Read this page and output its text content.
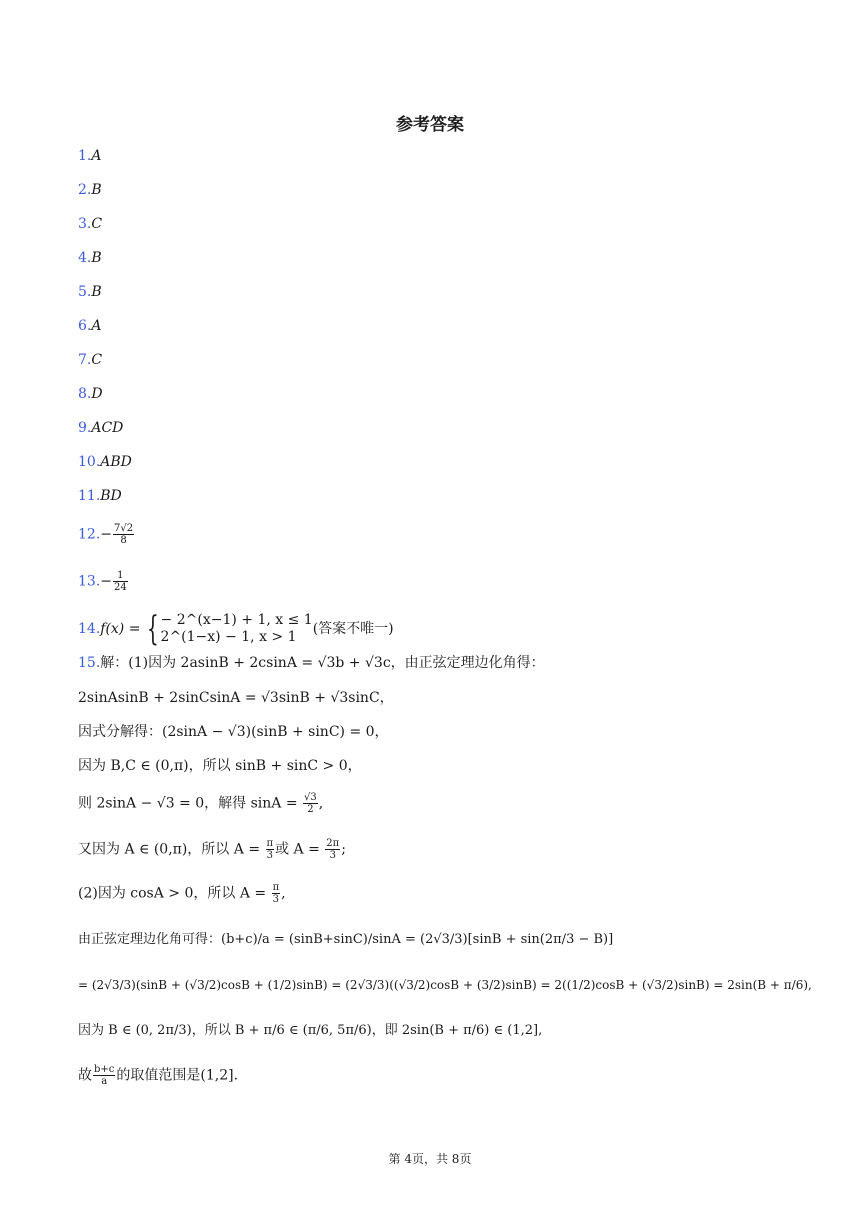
参考答案
1.A
2.B
3.C
4.B
5.B
6.A
7.C
8.D
9.ACD
10.ABD
11.BD
$12.- \frac{7√2}{8}$
$13.- \frac{1}{24}$
14.f(x) = { − 2^(x−1) + 1, x ≤ 1
2^(1−x) − 1, x > 1	(答案不唯一)
15.解：(1)因为 2asinB + 2csinA = √3b + √3c，由正弦定理边化角得：
2sinAsinB + 2sinCsinA = √3sinB + √3sinC，
因式分解得：(2sinA − √3)(sinB + sinC) = 0，
因为 B,C ∈ (0,π)，所以 sinB + sinC > 0，
则 2sinA − √3 = 0，解得 $\sin A = \frac{√3}{2}$ ,
又因为 A ∈ (0,π)，所以 $A = \frac{\pi}{3}$ 或 $A = \frac{2\pi}{3}$ ;
(2)因为 cosA > 0，所以 $A = \frac{\pi}{3}$ ,
由正弦定理边化角可得：(b+c)/a = (sinB+sinC)/sinA = (2√3/3)[sinB + sin(2π/3 − B)]
= (2√3/3)(sinB + (√3/2)cosB + (1/2)sinB) = (2√3/3)((√3/2)cosB + (3/2)sinB) = 2((1/2)cosB + (√3/2)sinB) = 2sin(B + π/6),
因为 B ∈ (0, 2π/3)，所以 B + π/6 ∈ (π/6, 5π/6)，即 2sin(B + π/6) ∈ (1,2],
故 $\frac{b+c}{a}$ 的取值范围是(1,2].
第 4页，共 8页
